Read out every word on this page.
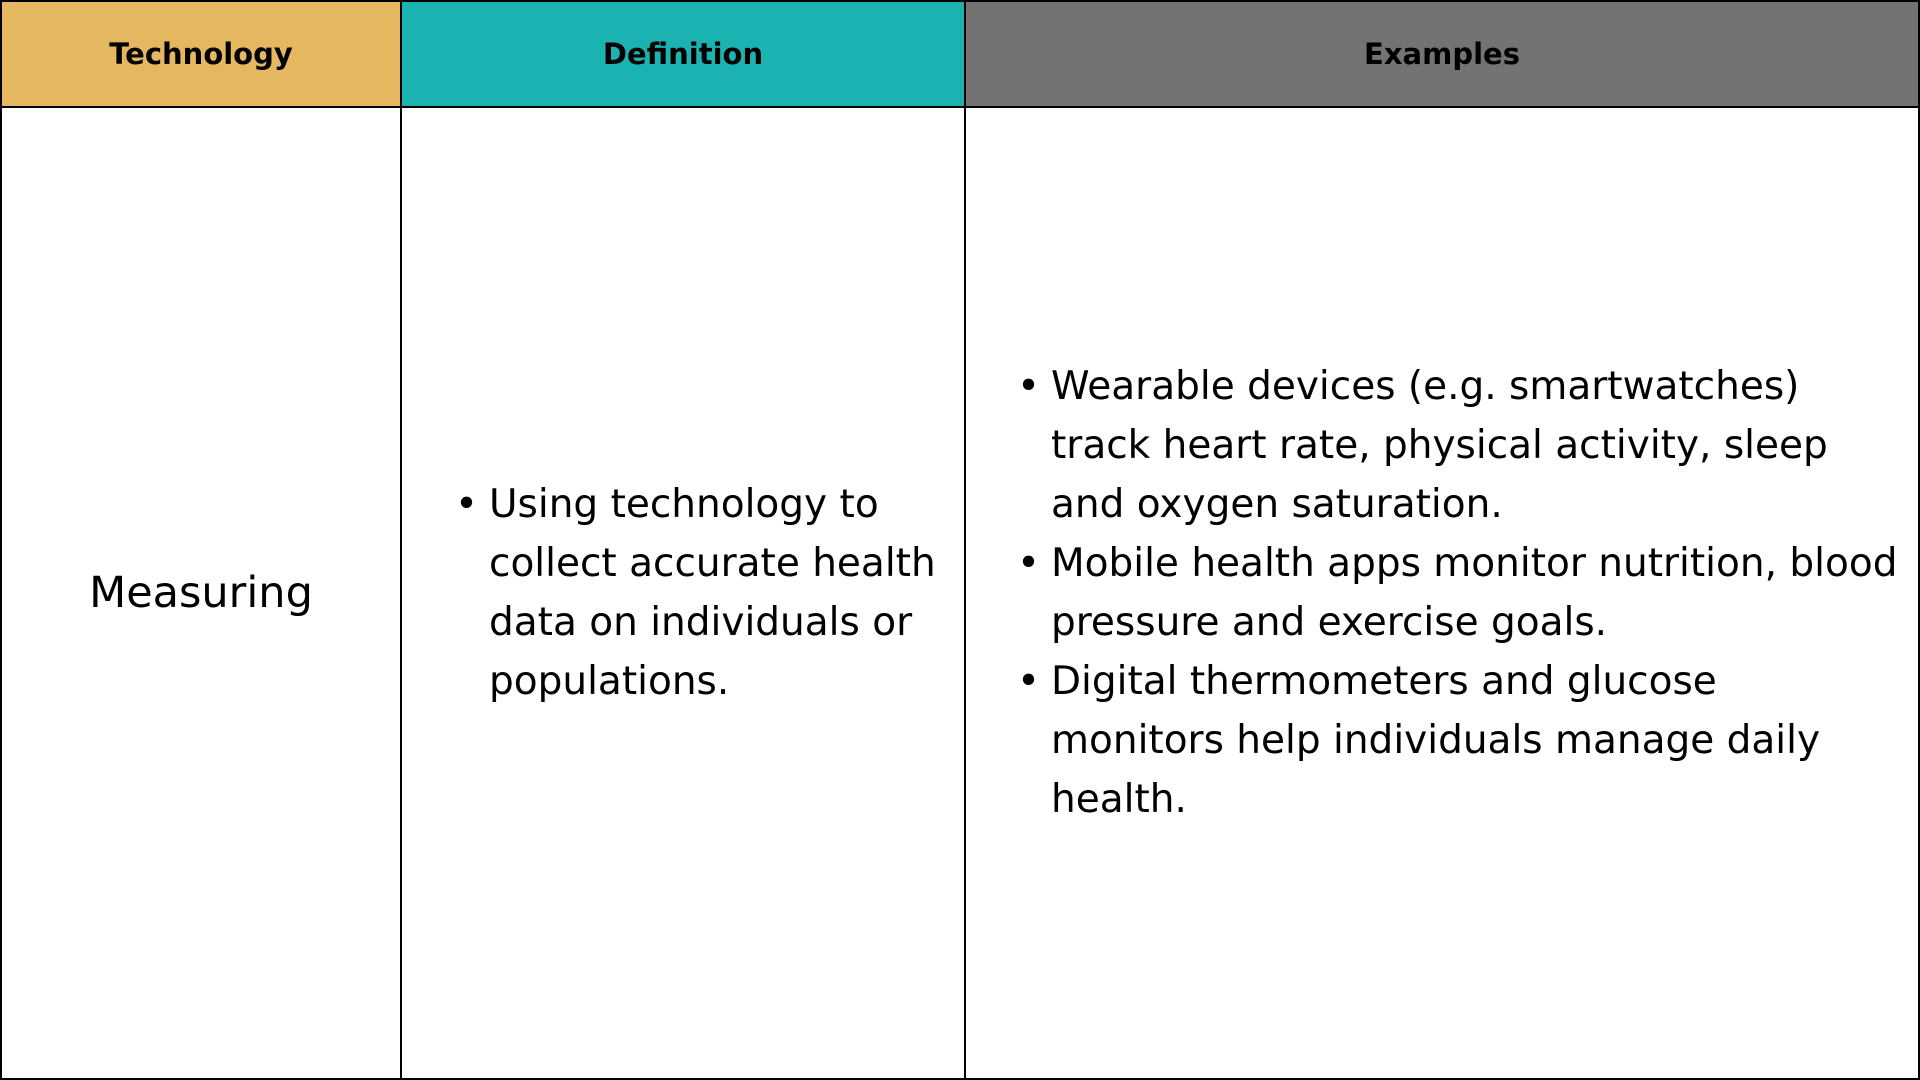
Technology	Definition	Examples
Measuring
• Using technology to collect accurate health data on individuals or populations.
• Wearable devices (e.g. smartwatches) track heart rate, physical activity, sleep and oxygen saturation.
• Mobile health apps monitor nutrition, blood pressure and exercise goals.
• Digital thermometers and glucose monitors help individuals manage daily health.
